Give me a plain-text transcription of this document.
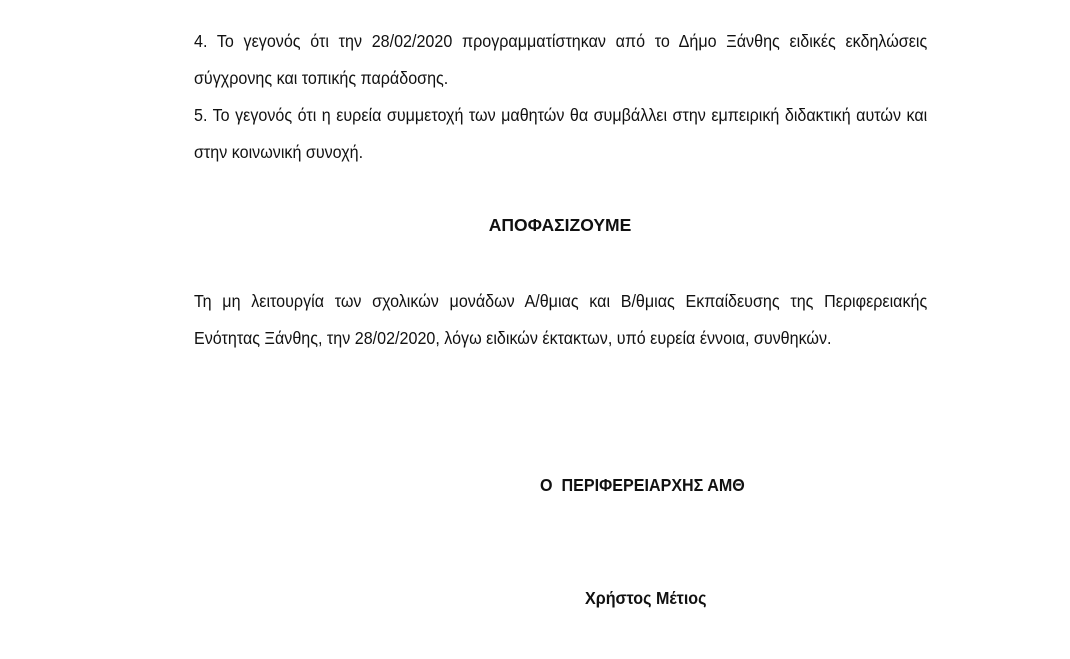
4. Το γεγονός ότι την 28/02/2020 προγραμματίστηκαν από το Δήμο Ξάνθης ειδικές εκδηλώσεις σύγχρονης και τοπικής παράδοσης.

5. Το γεγονός ότι η ευρεία συμμετοχή των μαθητών θα συμβάλλει στην εμπειρική διδακτική αυτών και στην κοινωνική συνοχή.

ΑΠΟΦΑΣΙΖΟΥΜΕ

Τη μη λειτουργία των σχολικών μονάδων Α/θμιας και Β/θμιας Εκπαίδευσης της Περιφερειακής Ενότητας Ξάνθης, την 28/02/2020, λόγω ειδικών έκτακτων, υπό ευρεία έννοια, συνθηκών.

Ο  ΠΕΡΙΦΕΡΕΙΑΡΧΗΣ ΑΜΘ

Χρήστος Μέτιος
